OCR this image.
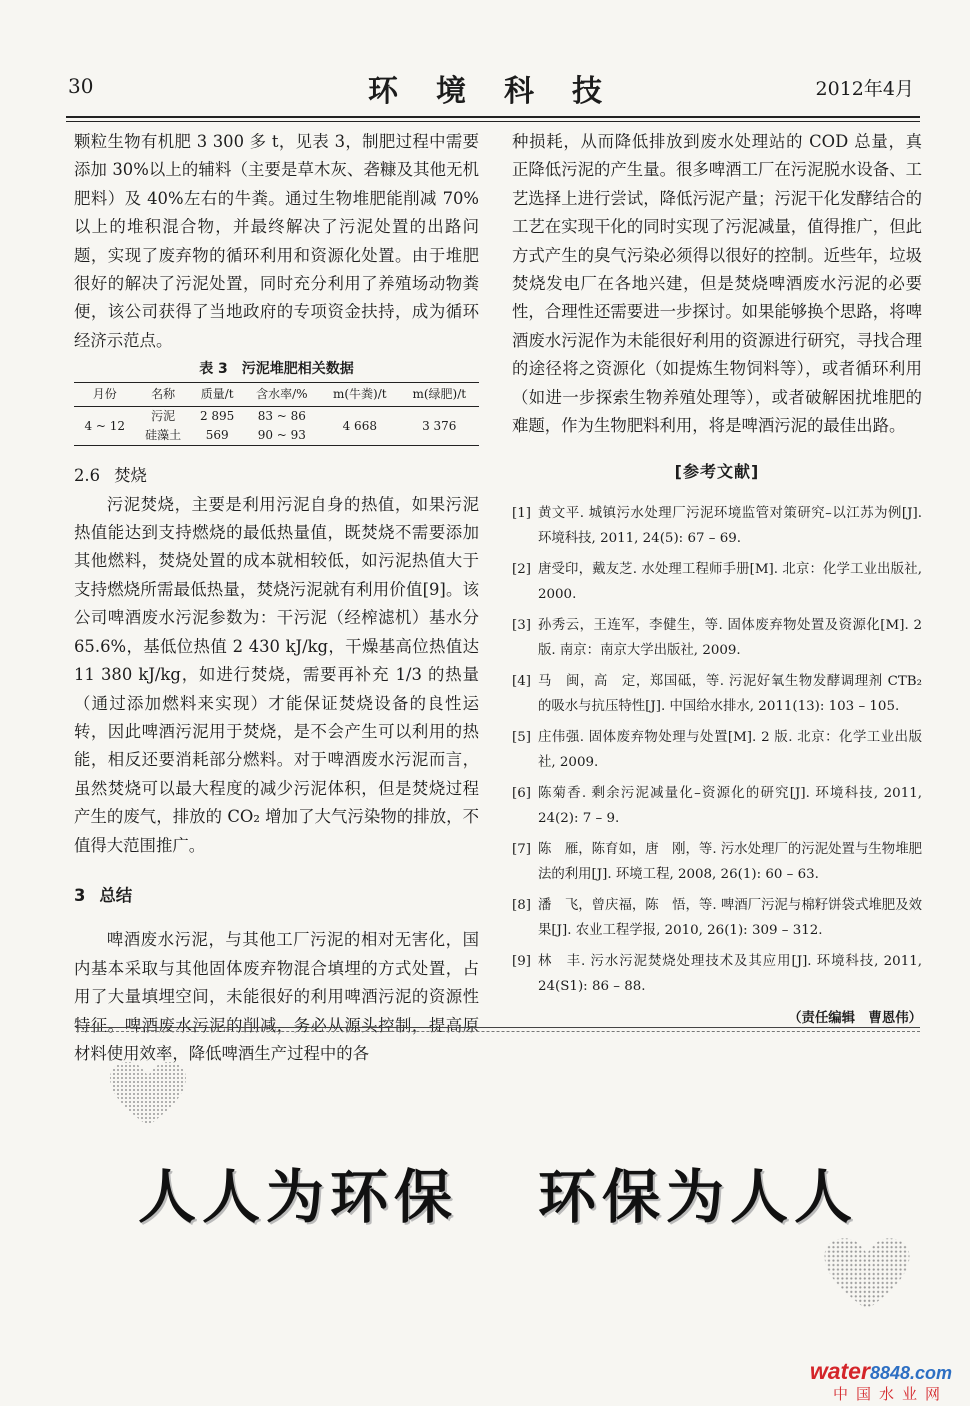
30	环境科技	2012年4月

颗粒生物有机肥 3 300 多 t，见表 3，制肥过程中需要添加 30%以上的辅料（主要是草木灰、砻糠及其他无机肥料）及 40%左右的牛粪。通过生物堆肥能削减 70%以上的堆积混合物，并最终解决了污泥处置的出路问题，实现了废弃物的循环利用和资源化处置。由于堆肥很好的解决了污泥处置，同时充分利用了养殖场动物粪便，该公司获得了当地政府的专项资金扶持，成为循环经济示范点。

表 3　污泥堆肥相关数据
月份	名称	质量/t	含水率/%	m(牛粪)/t	m(绿肥)/t
4 ~ 12	污泥	2 895	83 ~ 86	4 668	3 376
	硅藻土	569	90 ~ 93		
2.6 焚烧

污泥焚烧，主要是利用污泥自身的热值，如果污泥热值能达到支持燃烧的最低热量值，既焚烧不需要添加其他燃料，焚烧处置的成本就相较低，如污泥热值大于支持燃烧所需最低热量，焚烧污泥就有利用价值[9]。该公司啤酒废水污泥参数为：干污泥（经榨滤机）基水分 65.6%，基低位热值 2 430 kJ/kg，干燥基高位热值达 11 380 kJ/kg，如进行焚烧，需要再补充 1/3 的热量（通过添加燃料来实现）才能保证焚烧设备的良性运转，因此啤酒污泥用于焚烧，是不会产生可以利用的热能，相反还要消耗部分燃料。对于啤酒废水污泥而言，虽然焚烧可以最大程度的减少污泥体积，但是焚烧过程产生的废气，排放的 CO₂ 增加了大气污染物的排放，不值得大范围推广。

3 总结

啤酒废水污泥，与其他工厂污泥的相对无害化，国内基本采取与其他固体废弃物混合填埋的方式处置，占用了大量填埋空间，未能很好的利用啤酒污泥的资源性特征。啤酒废水污泥的削减，务必从源头控制，提高原材料使用效率，降低啤酒生产过程中的各

种损耗，从而降低排放到废水处理站的 COD 总量，真正降低污泥的产生量。很多啤酒工厂在污泥脱水设备、工艺选择上进行尝试，降低污泥产量；污泥干化发酵结合的工艺在实现干化的同时实现了污泥减量，值得推广，但此方式产生的臭气污染必须得以很好的控制。近些年，垃圾焚烧发电厂在各地兴建，但是焚烧啤酒废水污泥的必要性，合理性还需要进一步探讨。如果能够换个思路，将啤酒废水污泥作为未能很好利用的资源进行研究，寻找合理的途径将之资源化（如提炼生物饲料等），或者循环利用（如进一步探索生物养殖处理等），或者破解困扰堆肥的难题，作为生物肥料利用，将是啤酒污泥的最佳出路。

[参考文献]
[1] 黄文平. 城镇污水处理厂污泥环境监管对策研究–以江苏为例[J]. 环境科技, 2011, 24(5): 67 – 69.
[2] 唐受印，戴友芝. 水处理工程师手册[M]. 北京：化学工业出版社, 2000.
[3] 孙秀云，王连军，李健生，等. 固体废弃物处置及资源化[M]. 2 版. 南京：南京大学出版社, 2009.
[4] 马　闽，高　定，郑国砥，等. 污泥好氧生物发酵调理剂 CTB₂ 的吸水与抗压特性[J]. 中国给水排水, 2011(13): 103 – 105.
[5] 庄伟强. 固体废弃物处理与处置[M]. 2 版. 北京：化学工业出版社, 2009.
[6] 陈菊香. 剩余污泥减量化–资源化的研究[J]. 环境科技, 2011, 24(2): 7 – 9.
[7] 陈　雁，陈育如，唐　刚，等. 污水处理厂的污泥处置与生物堆肥法的利用[J]. 环境工程, 2008, 26(1): 60 – 63.
[8] 潘　飞，曾庆福，陈　悟，等. 啤酒厂污泥与棉籽饼袋式堆肥及效果[J]. 农业工程学报, 2010, 26(1): 309 – 312.
[9] 林　丰. 污水污泥焚烧处理技术及其应用[J]. 环境科技, 2011, 24(S1): 86 – 88.
（责任编辑　曹恩伟）
人人为环保 环保为人人
water8848.com
中国水业网
